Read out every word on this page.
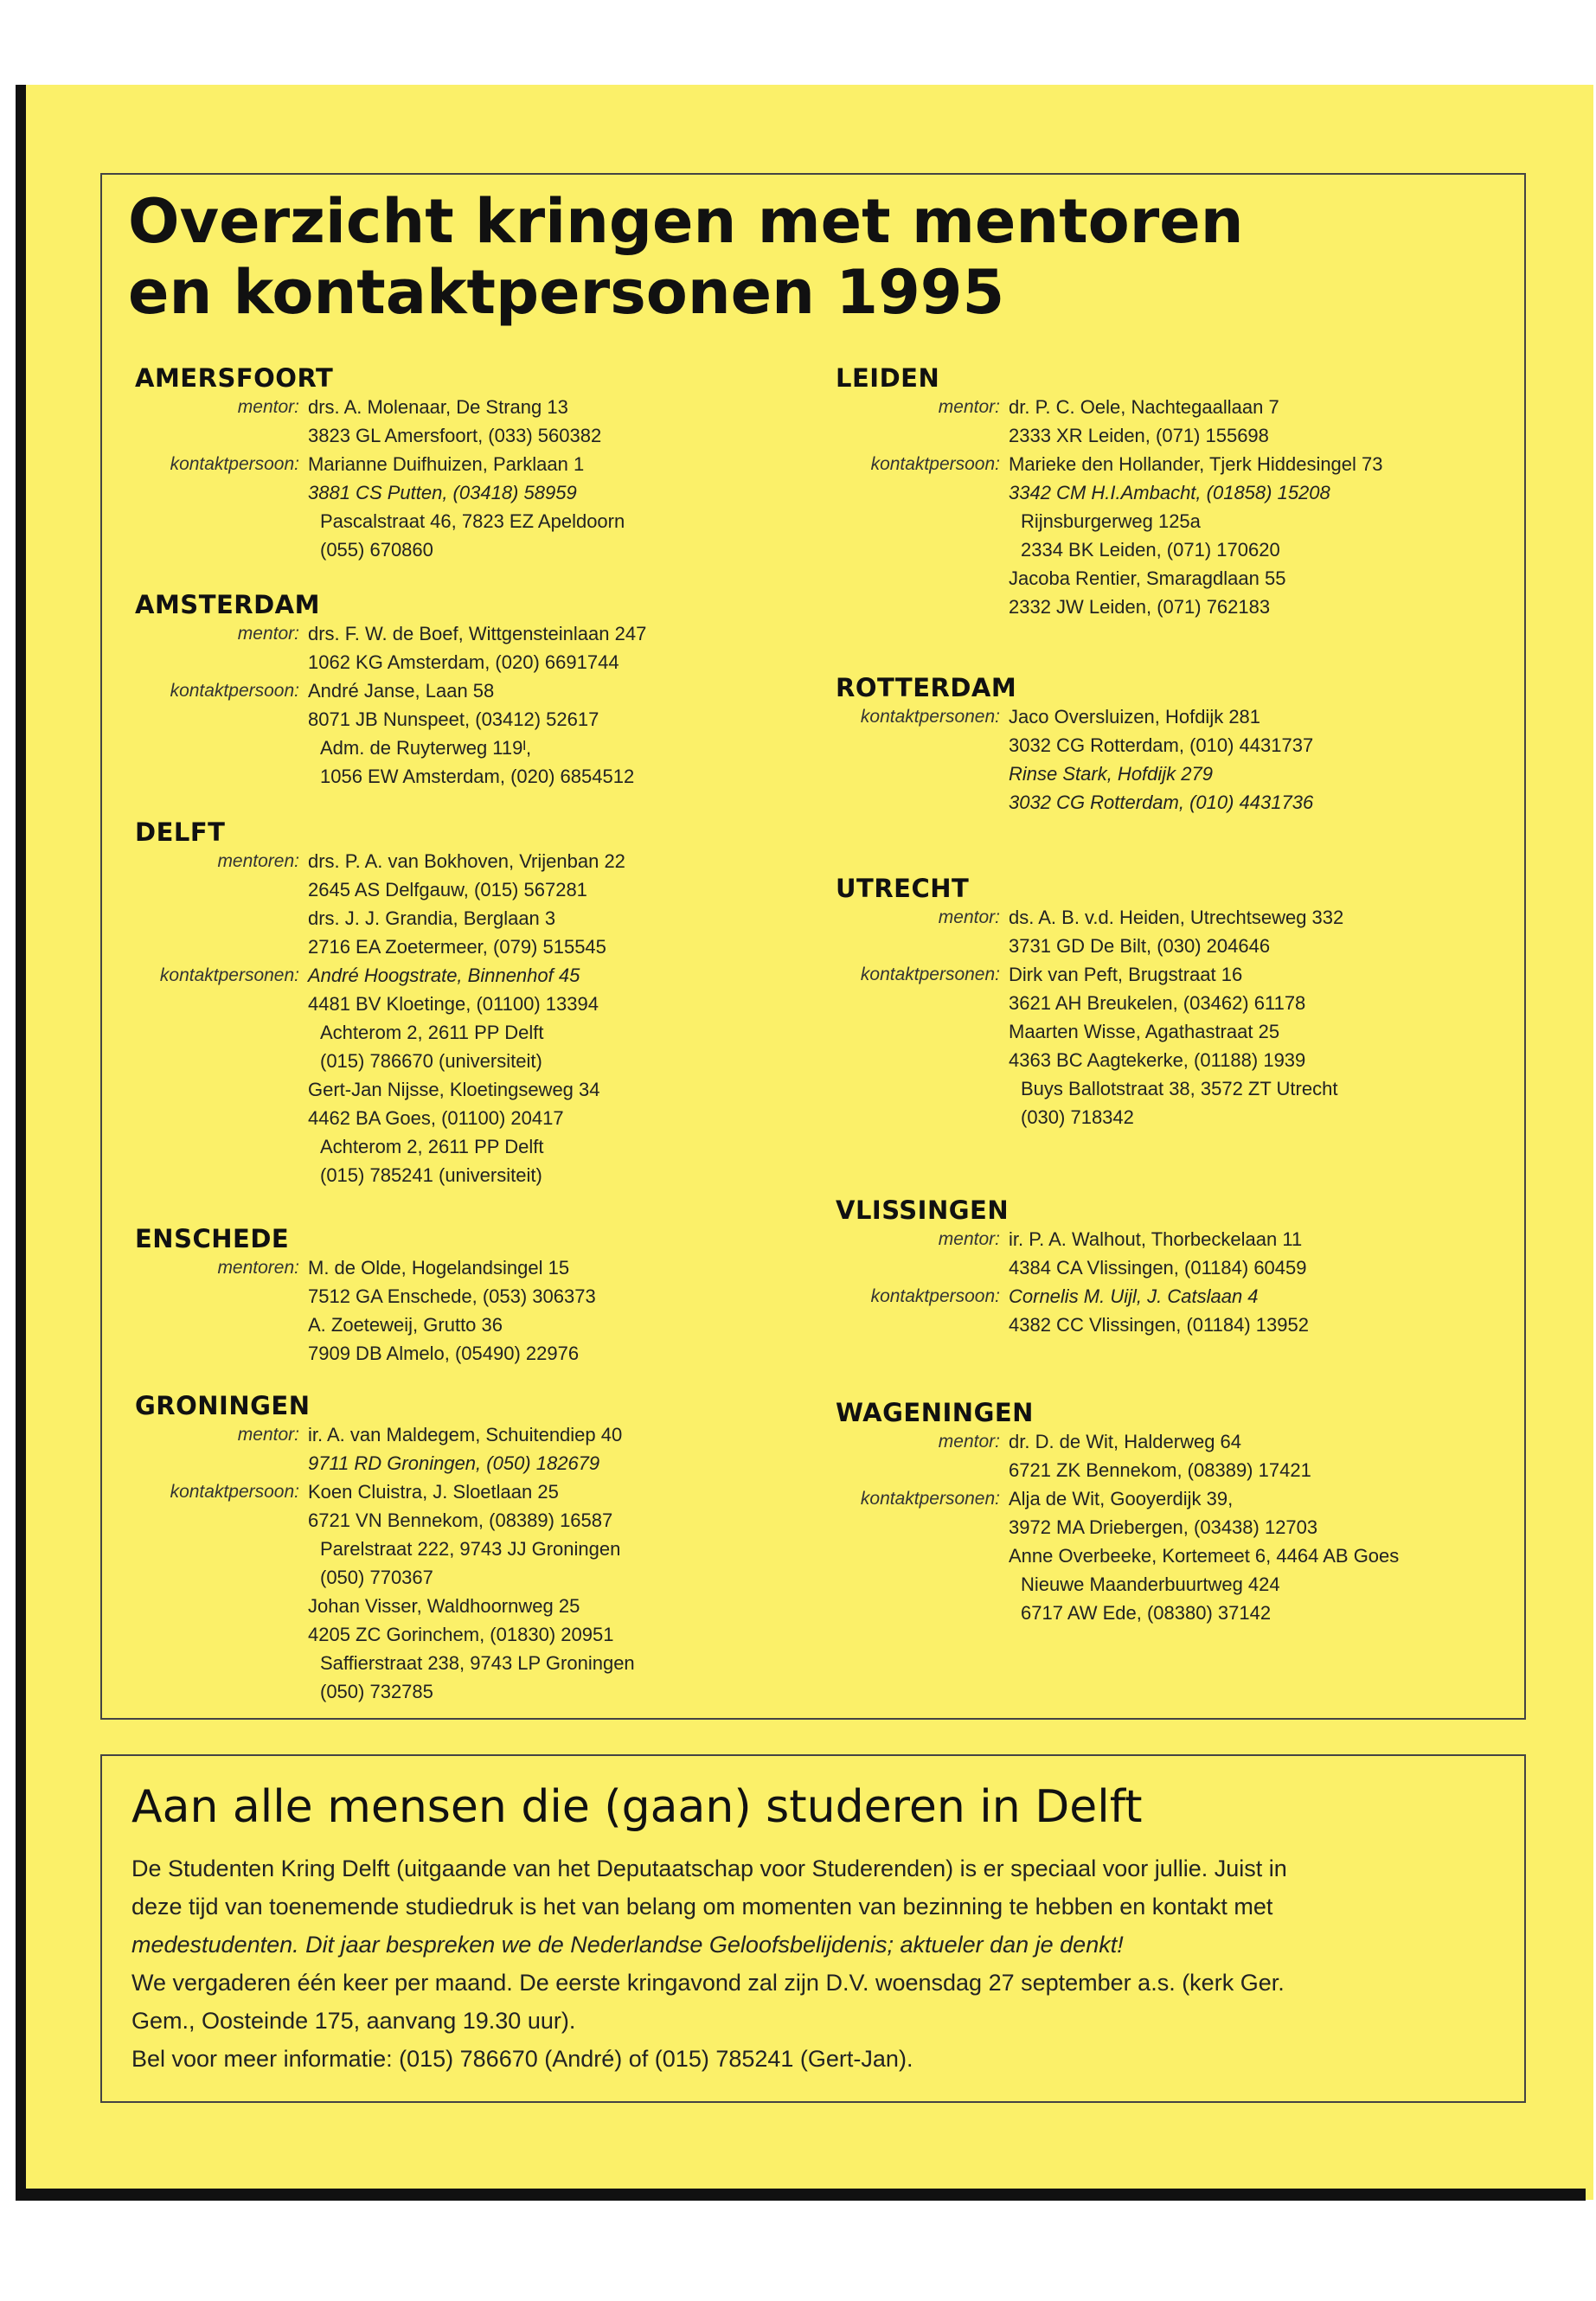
Overzicht kringen met mentoren
en kontaktpersonen 1995
AMERSFOORT
mentor: drs. A. Molenaar, De Strang 13
3823 GL Amersfoort, (033) 560382
kontaktpersoon: Marianne Duifhuizen, Parklaan 1
3881 CS Putten, (03418) 58959
Pascalstraat 46, 7823 EZ Apeldoorn
(055) 670860
AMSTERDAM
mentor: drs. F. W. de Boef, Wittgensteinlaan 247
1062 KG Amsterdam, (020) 6691744
kontaktpersoon: André Janse, Laan 58
8071 JB Nunspeet, (03412) 52617
Adm. de Ruyterweg 119ᴵ,
1056 EW Amsterdam, (020) 6854512
DELFT
mentoren: drs. P. A. van Bokhoven, Vrijenban 22
2645 AS Delfgauw, (015) 567281
drs. J. J. Grandia, Berglaan 3
2716 EA Zoetermeer, (079) 515545
kontaktpersonen: André Hoogstrate, Binnenhof 45
4481 BV Kloetinge, (01100) 13394
Achterom 2, 2611 PP Delft
(015) 786670 (universiteit)
Gert-Jan Nijsse, Kloetingseweg 34
4462 BA Goes, (01100) 20417
Achterom 2, 2611 PP Delft
(015) 785241 (universiteit)
ENSCHEDE
mentoren: M. de Olde, Hogelandsingel 15
7512 GA Enschede, (053) 306373
A. Zoeteweij, Grutto 36
7909 DB Almelo, (05490) 22976
GRONINGEN
mentor: ir. A. van Maldegem, Schuitendiep 40
9711 RD Groningen, (050) 182679
kontaktpersoon: Koen Cluistra, J. Sloetlaan 25
6721 VN Bennekom, (08389) 16587
Parelstraat 222, 9743 JJ Groningen
(050) 770367
Johan Visser, Waldhoornweg 25
4205 ZC Gorinchem, (01830) 20951
Saffierstraat 238, 9743 LP Groningen
(050) 732785
LEIDEN
mentor: dr. P. C. Oele, Nachtegaallaan 7
2333 XR Leiden, (071) 155698
kontaktpersoon: Marieke den Hollander, Tjerk Hiddesingel 73
3342 CM H.I.Ambacht, (01858) 15208
Rijnsburgerweg 125a
2334 BK Leiden, (071) 170620
Jacoba Rentier, Smaragdlaan 55
2332 JW Leiden, (071) 762183
ROTTERDAM
kontaktpersonen: Jaco Oversluizen, Hofdijk 281
3032 CG Rotterdam, (010) 4431737
Rinse Stark, Hofdijk 279
3032 CG Rotterdam, (010) 4431736
UTRECHT
mentor: ds. A. B. v.d. Heiden, Utrechtseweg 332
3731 GD De Bilt, (030) 204646
kontaktpersonen: Dirk van Peft, Brugstraat 16
3621 AH Breukelen, (03462) 61178
Maarten Wisse, Agathastraat 25
4363 BC Aagtekerke, (01188) 1939
Buys Ballotstraat 38, 3572 ZT Utrecht
(030) 718342
VLISSINGEN
mentor: ir. P. A. Walhout, Thorbeckelaan 11
4384 CA Vlissingen, (01184) 60459
kontaktpersoon: Cornelis M. Uijl, J. Catslaan 4
4382 CC Vlissingen, (01184) 13952
WAGENINGEN
mentor: dr. D. de Wit, Halderweg 64
6721 ZK Bennekom, (08389) 17421
kontaktpersonen: Alja de Wit, Gooyerdijk 39,
3972 MA Driebergen, (03438) 12703
Anne Overbeeke, Kortemeet 6, 4464 AB Goes
Nieuwe Maanderbuurtweg 424
6717 AW Ede, (08380) 37142
Aan alle mensen die (gaan) studeren in Delft
De Studenten Kring Delft (uitgaande van het Deputaatschap voor Studerenden) is er speciaal voor jullie. Juist in
deze tijd van toenemende studiedruk is het van belang om momenten van bezinning te hebben en kontakt met
medestudenten. Dit jaar bespreken we de Nederlandse Geloofsbelijdenis; aktueler dan je denkt!
We vergaderen één keer per maand. De eerste kringavond zal zijn D.V. woensdag 27 september a.s. (kerk Ger.
Gem., Oosteinde 175, aanvang 19.30 uur).
Bel voor meer informatie: (015) 786670 (André) of (015) 785241 (Gert-Jan).
